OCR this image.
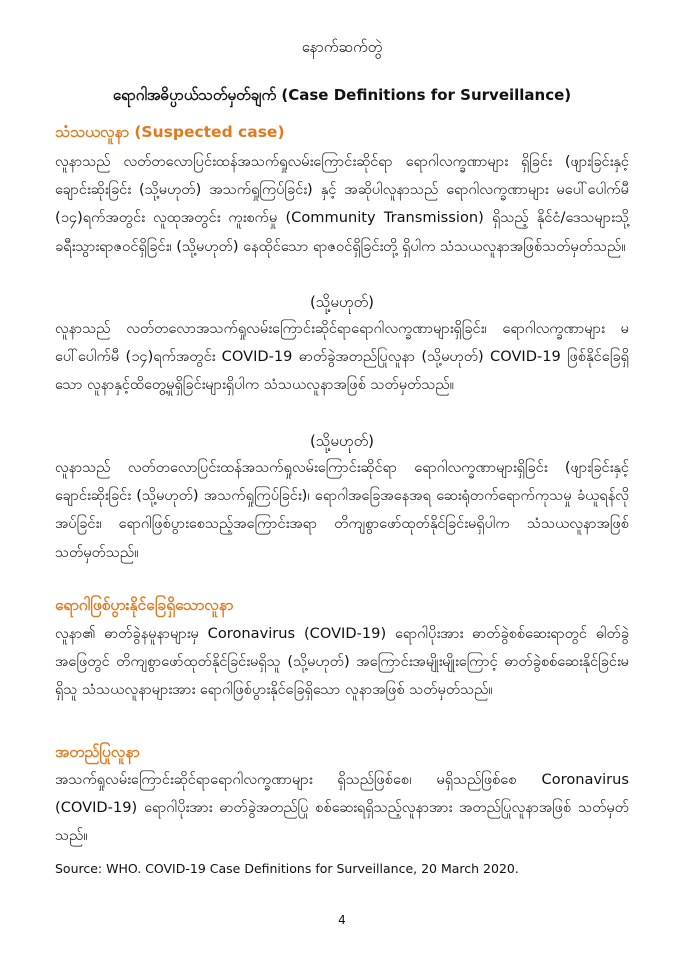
နောက်ဆက်တွဲ
ရောဂါအဓိပ္ပာယ်သတ်မှတ်ချက် (Case Definitions for Surveillance)
သံသယလူနာ (Suspected case)
လူနာသည် လတ်တလောပြင်းထန်အသက်ရှုလမ်းကြောင်းဆိုင်ရာ ရောဂါလက္ခဏာများ ရှိခြင်း (ဖျားခြင်းနှင့်ချောင်းဆိုးခြင်း (သို့မဟုတ်) အသက်ရှုကြပ်ခြင်း) နှင့် အဆိုပါလူနာသည် ရောဂါလက္ခဏာများ မပေါ်ပေါက်မီ (၁၄)ရက်အတွင်း လူထုအတွင်း ကူးစက်မှု (Community Transmission) ရှိသည့် နိုင်ငံ/ဒေသများသို့ ခရီးသွားရာဇဝင်ရှိခြင်း၊ (သို့မဟုတ်) နေထိုင်သော ရာဇဝင်ရှိခြင်းတို့ ရှိပါက သံသယလူနာအဖြစ်သတ်မှတ်သည်။
(သို့မဟုတ်)
လူနာသည် လတ်တလောအသက်ရှုလမ်းကြောင်းဆိုင်ရာရောဂါလက္ခဏာများရှိခြင်း၊ ရောဂါလက္ခဏာများ မပေါ်ပေါက်မီ (၁၄)ရက်အတွင်း COVID-19 ဓာတ်ခွဲအတည်ပြုလူနာ (သို့မဟုတ်) COVID-19 ဖြစ်နိုင်ခြေရှိသော လူနာနှင့်ထိတွေ့မှုရှိခြင်းများရှိပါက သံသယလူနာအဖြစ် သတ်မှတ်သည်။
(သို့မဟုတ်)
လူနာသည် လတ်တလောပြင်းထန်အသက်ရှုလမ်းကြောင်းဆိုင်ရာ ရောဂါလက္ခဏာများရှိခြင်း (ဖျားခြင်းနှင့် ချောင်းဆိုးခြင်း (သို့မဟုတ်) အသက်ရှုကြပ်ခြင်း)၊ ရောဂါအခြေအနေအရ ဆေးရုံတက်ရောက်ကုသမှု ခံယူရန်လိုအပ်ခြင်း၊ ရောဂါဖြစ်ပွားစေသည့်အကြောင်းအရာ တိကျစွာဖော်ထုတ်နိုင်ခြင်းမရှိပါက သံသယလူနာအဖြစ် သတ်မှတ်သည်။
ရောဂါဖြစ်ပွားနိုင်ခြေရှိသောလူနာ
လူနာ၏ ဓာတ်ခွဲနမူနာများမှ Coronavirus (COVID-19) ရောဂါပိုးအား ဓာတ်ခွဲစစ်ဆေးရာတွင် ဓါတ်ခွဲအဖြေတွင် တိကျစွာဖော်ထုတ်နိုင်ခြင်းမရှိသူ (သို့မဟုတ်) အကြောင်းအမျိုးမျိုးကြောင့် ဓာတ်ခွဲစစ်ဆေးနိုင်ခြင်းမရှိသူ သံသယလူနာများအား ရောဂါဖြစ်ပွားနိုင်ခြေရှိသော လူနာအဖြစ် သတ်မှတ်သည်။
အတည်ပြုလူနာ
အသက်ရှုလမ်းကြောင်းဆိုင်ရာရောဂါလက္ခဏာများ ရှိသည်ဖြစ်စေ၊ မရှိသည်ဖြစ်စေ Coronavirus (COVID-19) ရောဂါပိုးအား ဓာတ်ခွဲအတည်ပြု စစ်ဆေးရရှိသည့်လူနာအား အတည်ပြုလူနာအဖြစ် သတ်မှတ်သည်။
Source: WHO. COVID-19 Case Definitions for Surveillance, 20 March 2020.
4
